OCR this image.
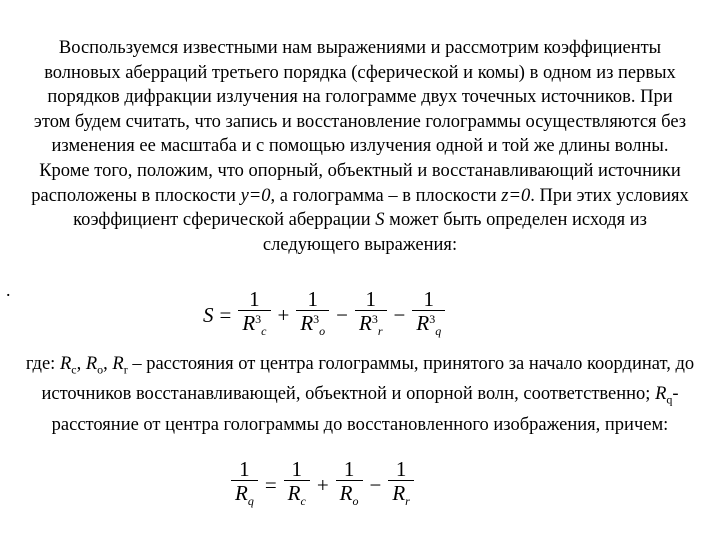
Воспользуемся известными нам выражениями и рассмотрим коэффициенты волновых аберраций третьего порядка (сферической и комы) в одном из первых порядков дифракции излучения на голограмме двух точечных источников. При этом будем считать, что запись и восстановление голограммы осуществляются без изменения ее масштаба и с помощью излучения одной и той же длины волны. Кроме того, положим, что опорный, объектный и восстанавливающий источники расположены в плоскости y=0, а голограмма – в плоскости z=0. При этих условиях коэффициент сферической аберрации S может быть определен исходя из следующего выражения:

.
$S = \frac{1}{R^3_c} + \frac{1}{R^3_o} - \frac{1}{R^3_r} - \frac{1}{R^3_q}$

где: $R_c$, $R_o$, $R_r$ – расстояния от центра голограммы, принятого за начало координат, до источников восстанавливающей, объектной и опорной волн, соответственно; $R_q-$ расстояние от центра голограммы до восстановленного изображения, причем:

$\frac{1}{R_q} = \frac{1}{R_c} + \frac{1}{R_o} - \frac{1}{R_r}$
